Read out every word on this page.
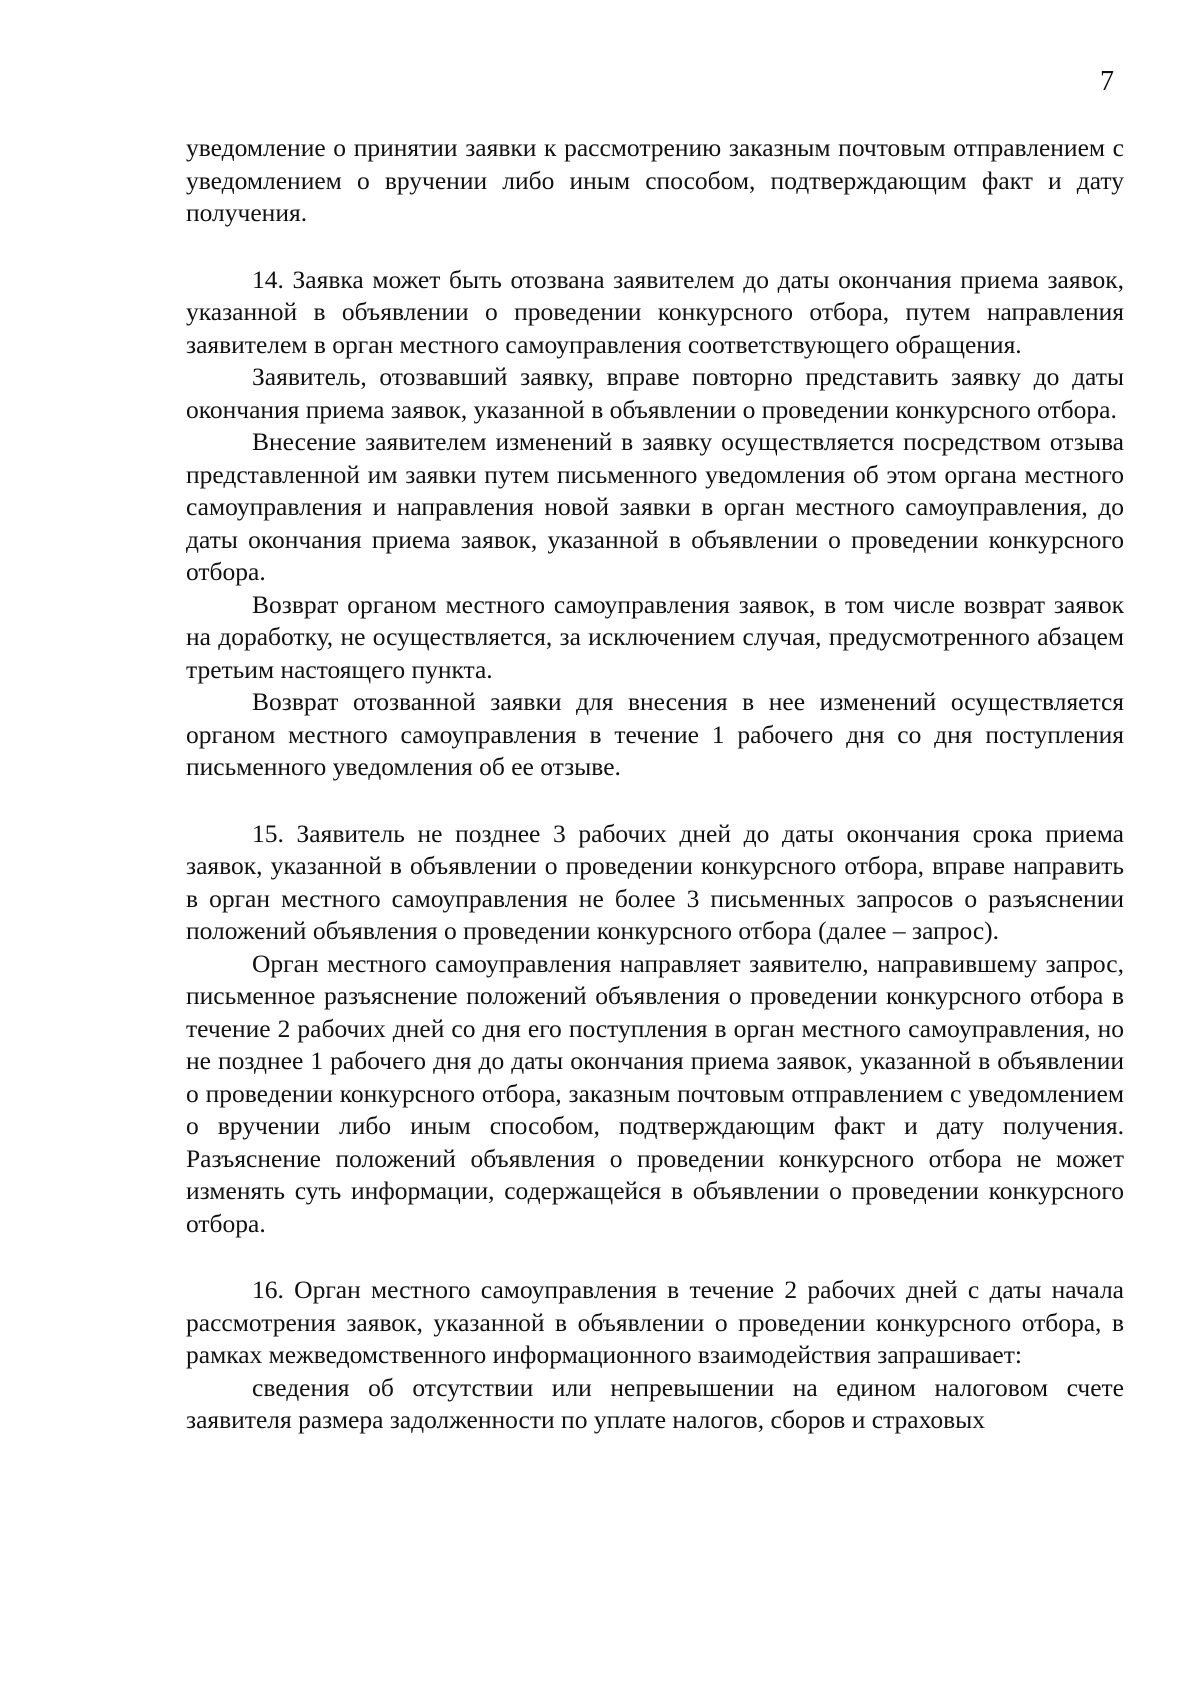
7

уведомление о принятии заявки к рассмотрению заказным почтовым отправлением с уведомлением о вручении либо иным способом, подтверждающим факт и дату получения.

14. Заявка может быть отозвана заявителем до даты окончания приема заявок, указанной в объявлении о проведении конкурсного отбора, путем направления заявителем в орган местного самоуправления соответствующего обращения.

Заявитель, отозвавший заявку, вправе повторно представить заявку до даты окончания приема заявок, указанной в объявлении о проведении конкурсного отбора.

Внесение заявителем изменений в заявку осуществляется посредством отзыва представленной им заявки путем письменного уведомления об этом органа местного самоуправления и направления новой заявки в орган местного самоуправления, до даты окончания приема заявок, указанной в объявлении о проведении конкурсного отбора.

Возврат органом местного самоуправления заявок, в том числе возврат заявок на доработку, не осуществляется, за исключением случая, предусмотренного абзацем третьим настоящего пункта.

Возврат отозванной заявки для внесения в нее изменений осуществляется органом местного самоуправления в течение 1 рабочего дня со дня поступления письменного уведомления об ее отзыве.

15. Заявитель не позднее 3 рабочих дней до даты окончания срока приема заявок, указанной в объявлении о проведении конкурсного отбора, вправе направить в орган местного самоуправления не более 3 письменных запросов о разъяснении положений объявления о проведении конкурсного отбора (далее – запрос).

Орган местного самоуправления направляет заявителю, направившему запрос, письменное разъяснение положений объявления о проведении конкурсного отбора в течение 2 рабочих дней со дня его поступления в орган местного самоуправления, но не позднее 1 рабочего дня до даты окончания приема заявок, указанной в объявлении о проведении конкурсного отбора, заказным почтовым отправлением с уведомлением о вручении либо иным способом, подтверждающим факт и дату получения. Разъяснение положений объявления о проведении конкурсного отбора не может изменять суть информации, содержащейся в объявлении о проведении конкурсного отбора.

16. Орган местного самоуправления в течение 2 рабочих дней с даты начала рассмотрения заявок, указанной в объявлении о проведении конкурсного отбора, в рамках межведомственного информационного взаимодействия запрашивает:

сведения об отсутствии или непревышении на едином налоговом счете заявителя размера задолженности по уплате налогов, сборов и страховых
